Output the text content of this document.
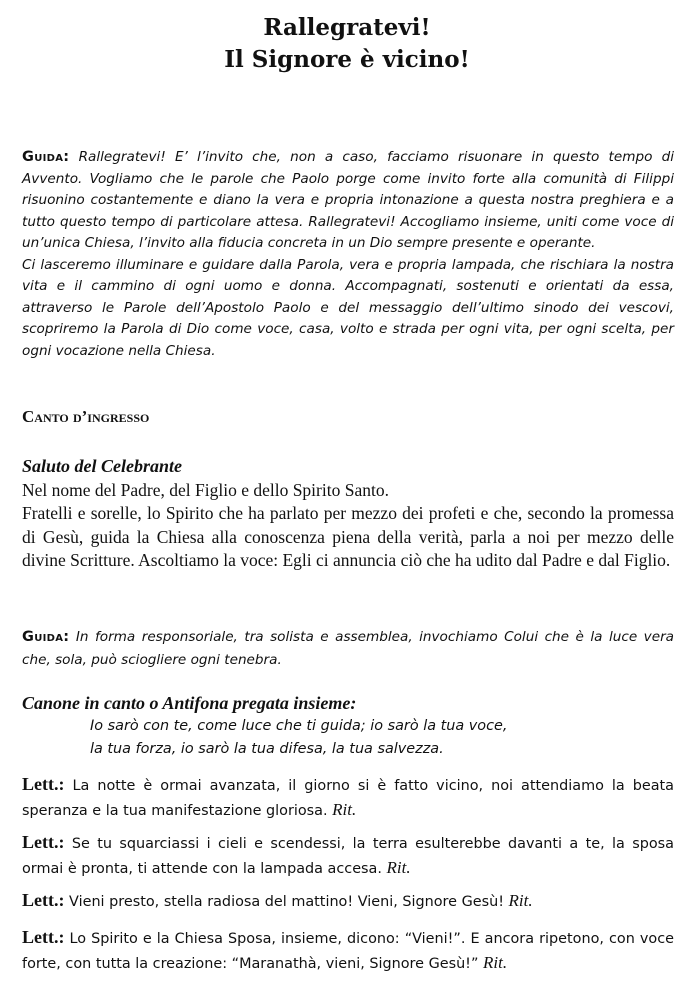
Rallegratevi!
Il Signore è vicino!

Guida: Rallegratevi! E’ l’invito che, non a caso, facciamo risuonare in questo tempo di Avvento. Vogliamo che le parole che Paolo porge come invito forte alla comunità di Filippi risuonino costantemente e diano la vera e propria intonazione a questa nostra preghiera e a tutto questo tempo di particolare attesa. Rallegratevi! Accogliamo insieme, uniti come voce di un’unica Chiesa, l’invito alla fiducia concreta in un Dio sempre presente e operante.

Ci lasceremo illuminare e guidare dalla Parola, vera e propria lampada, che rischiara la nostra vita e il cammino di ogni uomo e donna. Accompagnati, sostenuti e orientati da essa, attraverso le Parole dell’Apostolo Paolo e del messaggio dell’ultimo sinodo dei vescovi, scopriremo la Parola di Dio come voce, casa, volto e strada per ogni vita, per ogni scelta, per ogni vocazione nella Chiesa.

Canto d’ingresso

Saluto del Celebrante

Nel nome del Padre, del Figlio e dello Spirito Santo.

Fratelli e sorelle, lo Spirito che ha parlato per mezzo dei profeti e che, secondo la promessa di Gesù, guida la Chiesa alla conoscenza piena della verità, parla a noi per mezzo delle divine Scritture. Ascoltiamo la voce: Egli ci annuncia ciò che ha udito dal Padre e dal Figlio.

Guida: In forma responsoriale, tra solista e assemblea, invochiamo Colui che è la luce vera che, sola, può sciogliere ogni tenebra.
Canone in canto o Antifona pregata insieme:
Io sarò con te, come luce che ti guida; io sarò la tua voce,
la tua forza, io sarò la tua difesa, la tua salvezza.

Lett.: La notte è ormai avanzata, il giorno si è fatto vicino, noi attendiamo la beata speranza e la tua manifestazione gloriosa. Rit.

Lett.: Se tu squarciassi i cieli e scendessi, la terra esulterebbe davanti a te, la sposa ormai è pronta, ti attende con la lampada accesa. Rit.

Lett.: Vieni presto, stella radiosa del mattino! Vieni, Signore Gesù! Rit.

Lett.: Lo Spirito e la Chiesa Sposa, insieme, dicono: “Vieni!”. E ancora ripetono, con voce forte, con tutta la creazione: “Maranathà, vieni, Signore Gesù!” Rit.
